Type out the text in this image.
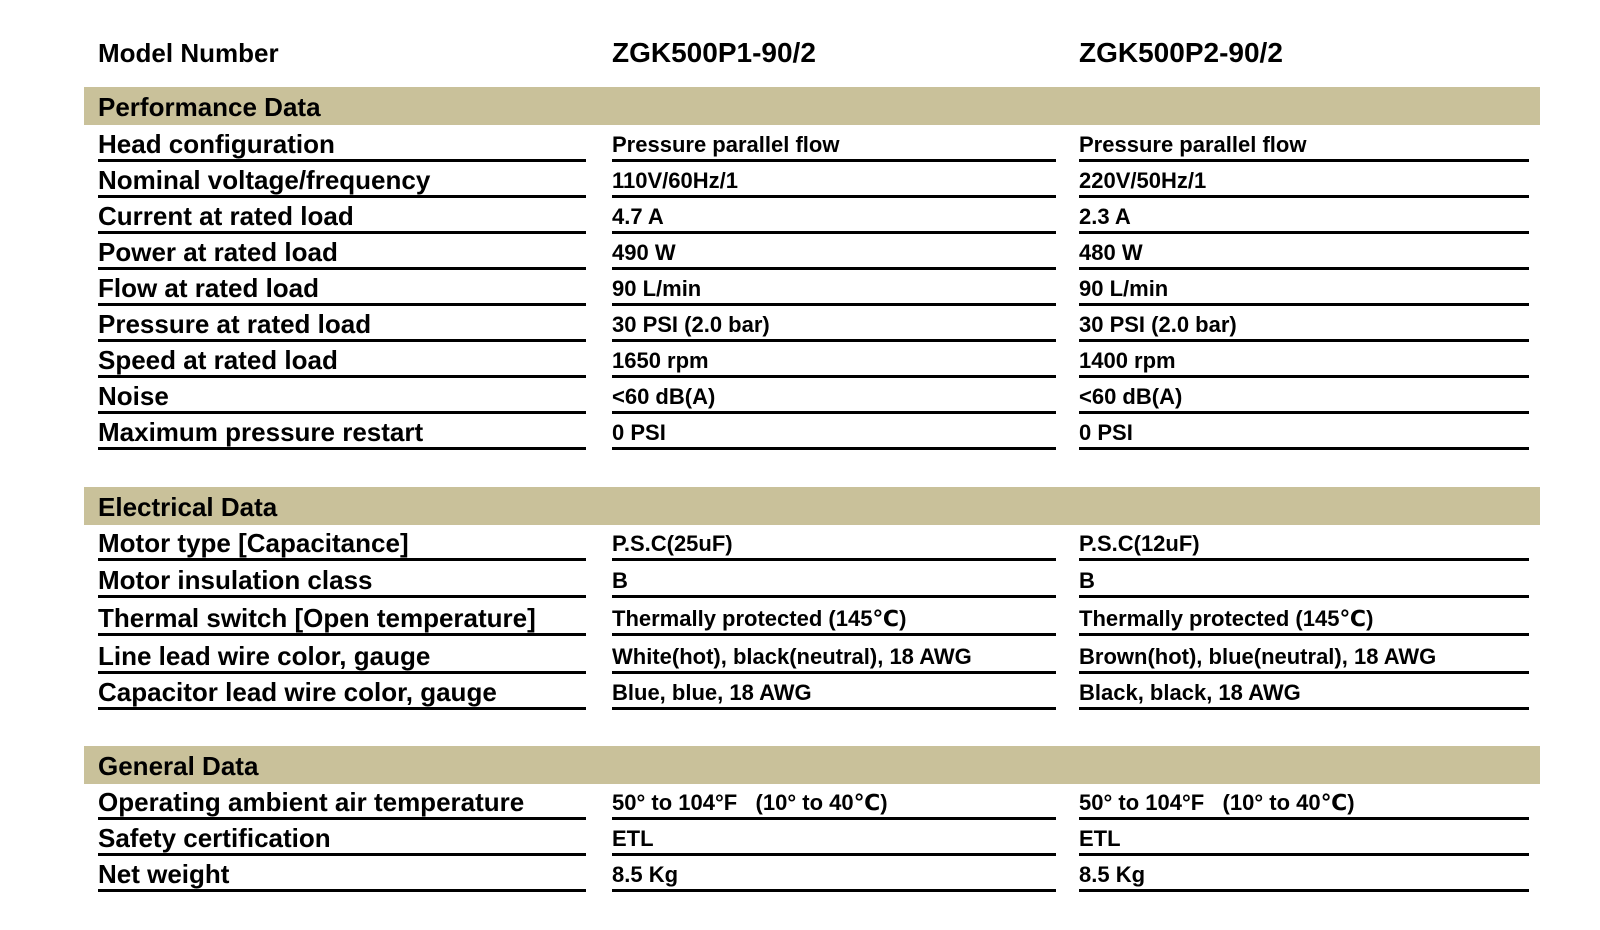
Model Number	ZGK500P1-90/2	ZGK500P2-90/2
Performance Data
Head configuration	Pressure parallel flow	Pressure parallel flow
Nominal voltage/frequency	110V/60Hz/1	220V/50Hz/1
Current at rated load	4.7 A	2.3 A
Power at rated load	490 W	480 W
Flow at rated load	90 L/min	90 L/min
Pressure at rated load	30 PSI (2.0 bar)	30 PSI (2.0 bar)
Speed at rated load	1650 rpm	1400 rpm
Noise	<60 dB(A)	<60 dB(A)
Maximum pressure restart	0 PSI	0 PSI
Electrical Data
Motor type [Capacitance]	P.S.C(25uF)	P.S.C(12uF)
Motor insulation class	B	B
Thermal switch [Open temperature]	Thermally protected (145℃)	Thermally protected (145℃)
Line lead wire color, gauge	White(hot), black(neutral), 18 AWG	Brown(hot), blue(neutral), 18 AWG
Capacitor lead wire color, gauge	Blue, blue, 18 AWG	Black, black, 18 AWG
General Data
Operating ambient air temperature	50° to 104°F   (10° to 40℃)	50° to 104°F   (10° to 40℃)
Safety certification	ETL	ETL
Net weight	8.5 Kg	8.5 Kg
